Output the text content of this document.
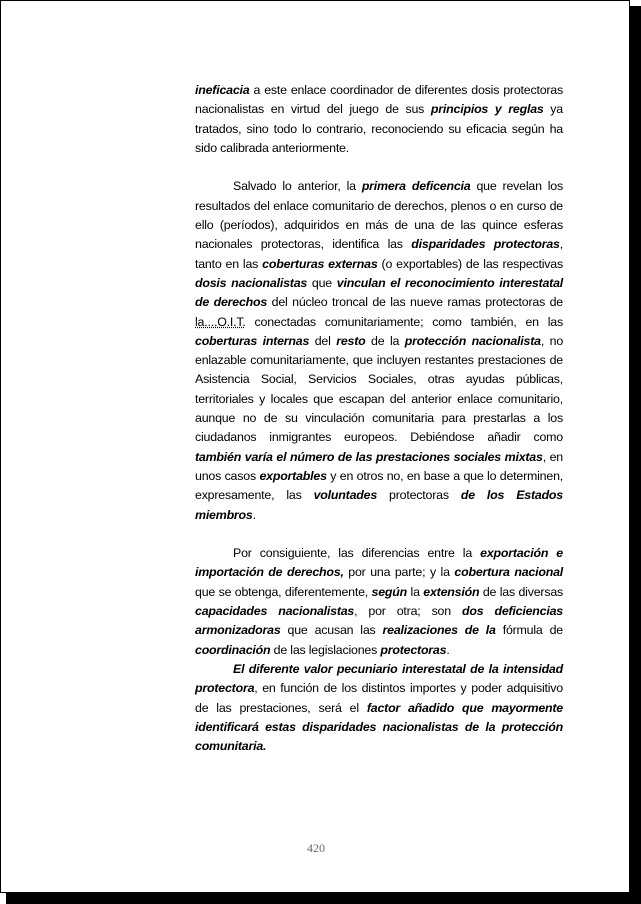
ineficacia a este enlace coordinador de diferentes dosis protectoras nacionalistas en virtud del juego de sus principios y reglas ya tratados, sino todo lo contrario, reconociendo su eficacia según ha sido calibrada anteriormente.

Salvado lo anterior, la primera deficencia que revelan los resultados del enlace comunitario de derechos, plenos o en curso de ello (períodos), adquiridos en más de una de las quince esferas nacionales protectoras, identifica las disparidades protectoras, tanto en las coberturas externas (o exportables) de las respectivas dosis nacionalistas que vinculan el reconocimiento interestatal de derechos del núcleo troncal de las nueve ramas protectoras de la....O.I.T. conectadas comunitariamente; como también, en las coberturas internas del resto de la protección nacionalista, no enlazable comunitariamente, que incluyen restantes prestaciones de Asistencia Social, Servicios Sociales, otras ayudas públicas, territoriales y locales que escapan del anterior enlace comunitario, aunque no de su vinculación comunitaria para prestarlas a los ciudadanos inmigrantes europeos. Debiéndose añadir como también varía el número de las prestaciones sociales mixtas, en unos casos exportables y en otros no, en base a que lo determinen, expresamente, las voluntades protectoras de los Estados miembros.

Por consiguiente, las diferencias entre la exportación e importación de derechos, por una parte; y la cobertura nacional que se obtenga, diferentemente, según la extensión de las diversas capacidades nacionalistas, por otra; son dos deficiencias armonizadoras que acusan las realizaciones de la fórmula de coordinación de las legislaciones protectoras.

El diferente valor pecuniario interestatal de la intensidad protectora, en función de los distintos importes y poder adquisitivo de las prestaciones, será el factor añadido que mayormente identificará estas disparidades nacionalistas de la protección comunitaria.

420
